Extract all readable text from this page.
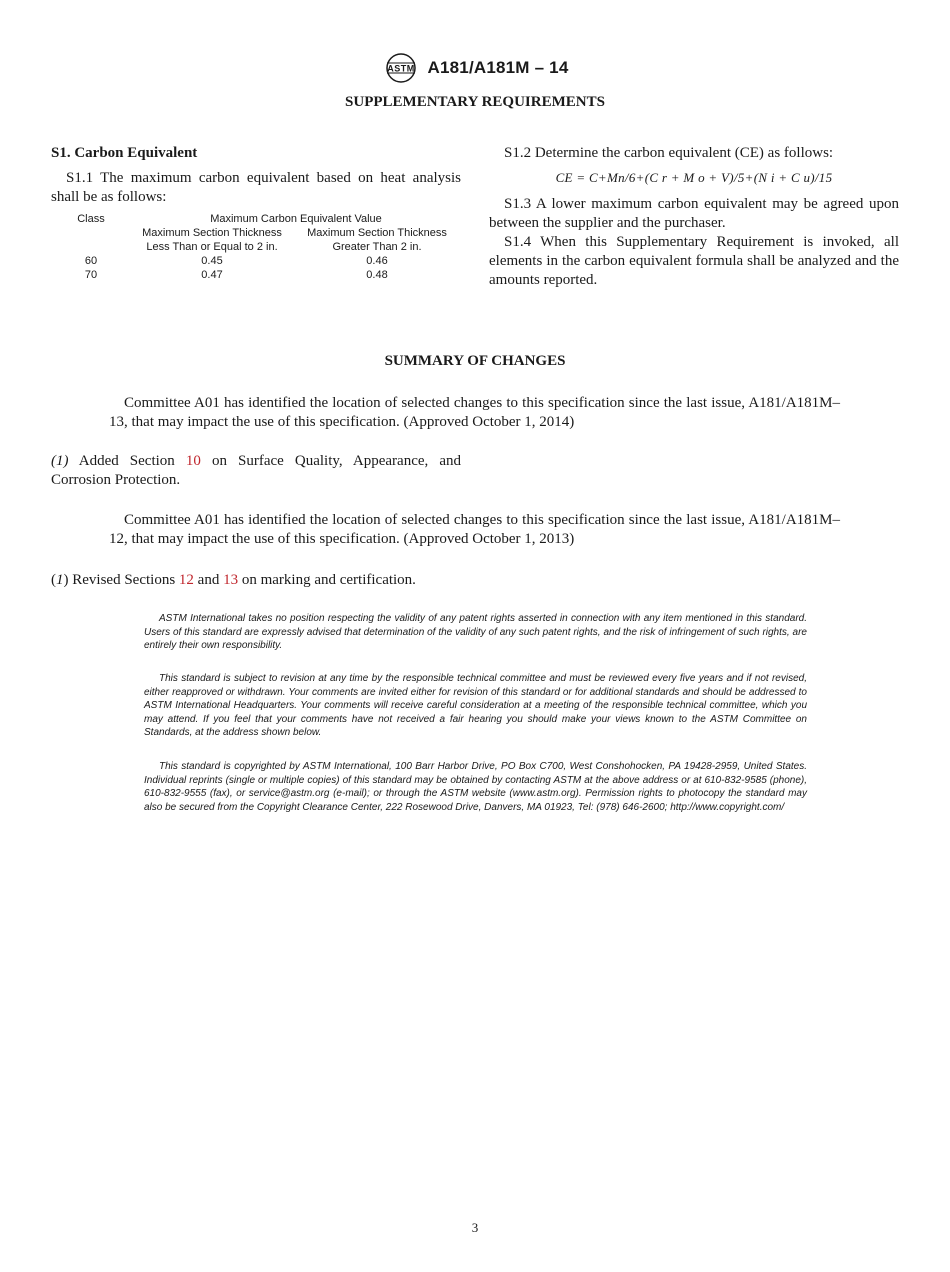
ASTM A181/A181M – 14
SUPPLEMENTARY REQUIREMENTS

S1. Carbon Equivalent

S1.1 The maximum carbon equivalent based on heat analysis shall be as follows:

Class	Maximum Carbon Equivalent Value	
	Maximum Section Thickness	Maximum Section Thickness
	Less Than or Equal to 2 in.	Greater Than 2 in.
60	0.45	0.46
70	0.47	0.48

S1.2 Determine the carbon equivalent (CE) as follows:

CE = C+Mn/6+(C r + M o + V)/5+(N i + C u)/15

S1.3 A lower maximum carbon equivalent may be agreed upon between the supplier and the purchaser.

S1.4 When this Supplementary Requirement is invoked, all elements in the carbon equivalent formula shall be analyzed and the amounts reported.

SUMMARY OF CHANGES

Committee A01 has identified the location of selected changes to this specification since the last issue, A181/A181M–13, that may impact the use of this specification. (Approved October 1, 2014)

(1) Added Section 10 on Surface Quality, Appearance, and Corrosion Protection.

Committee A01 has identified the location of selected changes to this specification since the last issue, A181/A181M–12, that may impact the use of this specification. (Approved October 1, 2013)

(1) Revised Sections 12 and 13 on marking and certification.

ASTM International takes no position respecting the validity of any patent rights asserted in connection with any item mentioned in this standard. Users of this standard are expressly advised that determination of the validity of any such patent rights, and the risk of infringement of such rights, are entirely their own responsibility.

This standard is subject to revision at any time by the responsible technical committee and must be reviewed every five years and if not revised, either reapproved or withdrawn. Your comments are invited either for revision of this standard or for additional standards and should be addressed to ASTM International Headquarters. Your comments will receive careful consideration at a meeting of the responsible technical committee, which you may attend. If you feel that your comments have not received a fair hearing you should make your views known to the ASTM Committee on Standards, at the address shown below.

This standard is copyrighted by ASTM International, 100 Barr Harbor Drive, PO Box C700, West Conshohocken, PA 19428-2959, United States. Individual reprints (single or multiple copies) of this standard may be obtained by contacting ASTM at the above address or at 610-832-9585 (phone), 610-832-9555 (fax), or service@astm.org (e-mail); or through the ASTM website (www.astm.org). Permission rights to photocopy the standard may also be secured from the Copyright Clearance Center, 222 Rosewood Drive, Danvers, MA 01923, Tel: (978) 646-2600; http://www.copyright.com/

3
